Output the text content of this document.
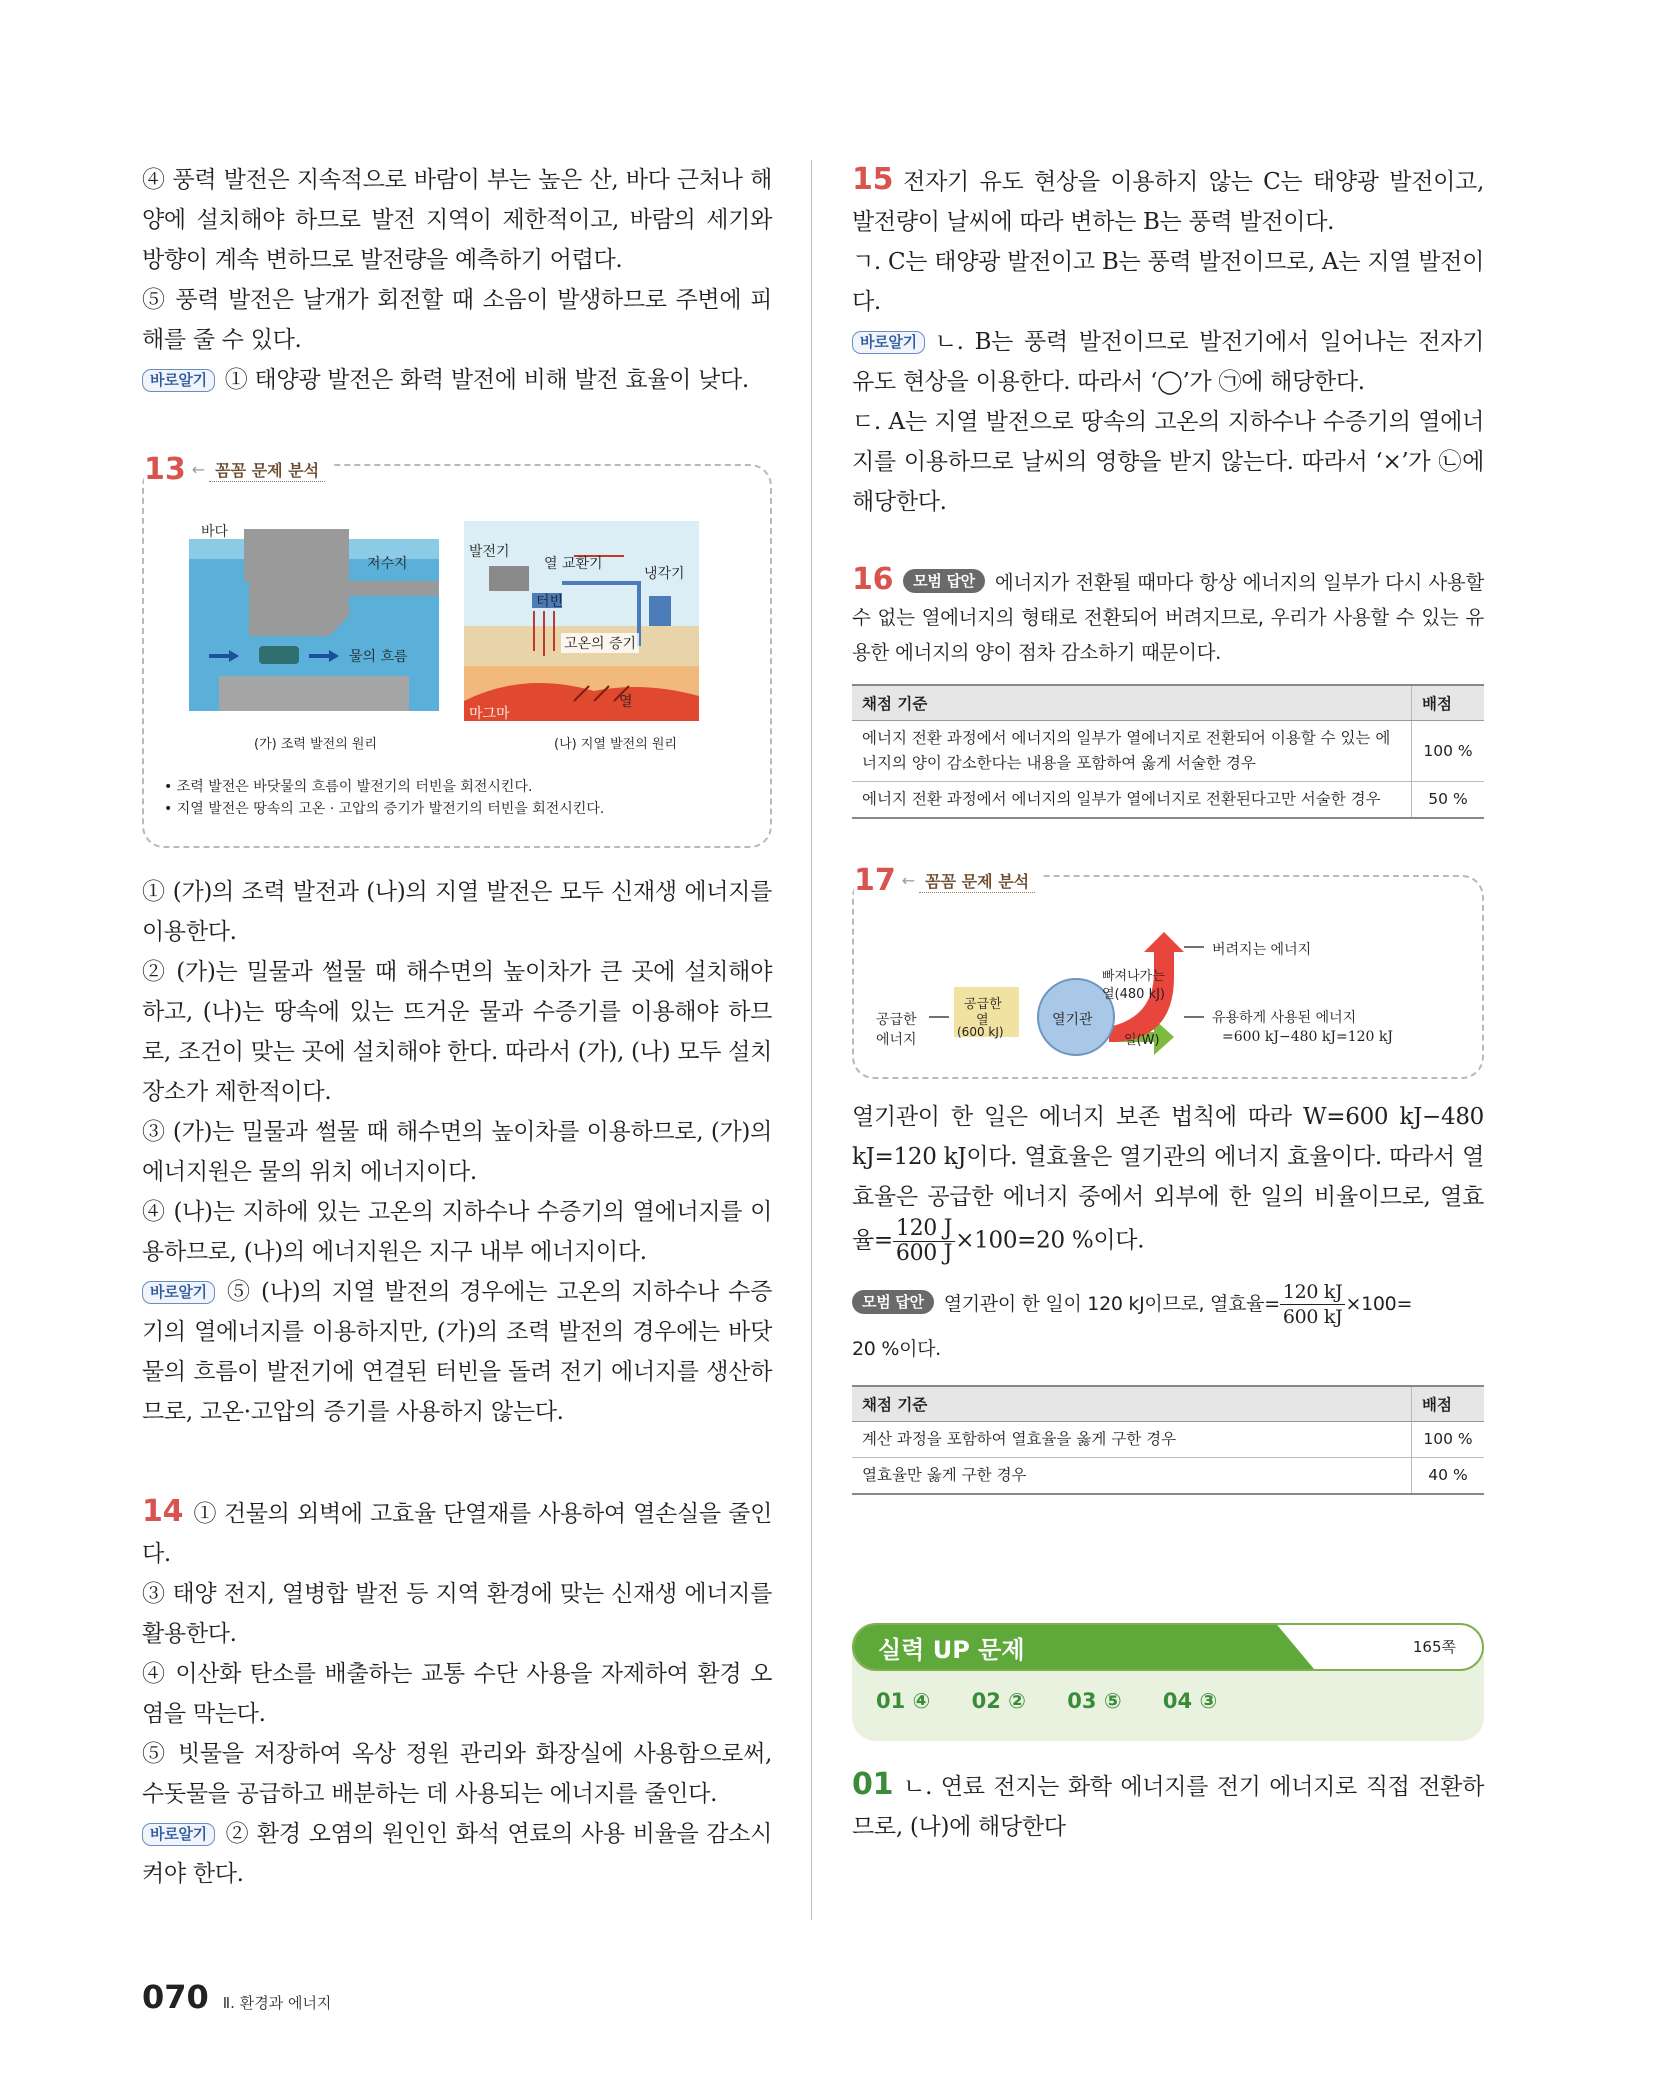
④ 풍력 발전은 지속적으로 바람이 부는 높은 산, 바다 근처나 해양에 설치해야 하므로 발전 지역이 제한적이고, 바람의 세기와 방향이 계속 변하므로 발전량을 예측하기 어렵다.

⑤ 풍력 발전은 날개가 회전할 때 소음이 발생하므로 주변에 피해를 줄 수 있다.

바로알기 ① 태양광 발전은 화력 발전에 비해 발전 효율이 낮다.

13 ← 꼼꼼 문제 분석
바다
저수지
물의 흐름
(가) 조력 발전의 원리
발전기
열 교환기
냉각기
터빈
고온의 증기
마그마
열
(나) 지열 발전의 원리
• 조력 발전은 바닷물의 흐름이 발전기의 터빈을 회전시킨다.
• 지열 발전은 땅속의 고온 · 고압의 증기가 발전기의 터빈을 회전시킨다.

① (가)의 조력 발전과 (나)의 지열 발전은 모두 신재생 에너지를 이용한다.

② (가)는 밀물과 썰물 때 해수면의 높이차가 큰 곳에 설치해야 하고, (나)는 땅속에 있는 뜨거운 물과 수증기를 이용해야 하므로, 조건이 맞는 곳에 설치해야 한다. 따라서 (가), (나) 모두 설치 장소가 제한적이다.

③ (가)는 밀물과 썰물 때 해수면의 높이차를 이용하므로, (가)의 에너지원은 물의 위치 에너지이다.

④ (나)는 지하에 있는 고온의 지하수나 수증기의 열에너지를 이용하므로, (나)의 에너지원은 지구 내부 에너지이다.

바로알기 ⑤ (나)의 지열 발전의 경우에는 고온의 지하수나 수증기의 열에너지를 이용하지만, (가)의 조력 발전의 경우에는 바닷물의 흐름이 발전기에 연결된 터빈을 돌려 전기 에너지를 생산하므로, 고온·고압의 증기를 사용하지 않는다.

14 ① 건물의 외벽에 고효율 단열재를 사용하여 열손실을 줄인다.

③ 태양 전지, 열병합 발전 등 지역 환경에 맞는 신재생 에너지를 활용한다.

④ 이산화 탄소를 배출하는 교통 수단 사용을 자제하여 환경 오염을 막는다.

⑤ 빗물을 저장하여 옥상 정원 관리와 화장실에 사용함으로써, 수돗물을 공급하고 배분하는 데 사용되는 에너지를 줄인다.

바로알기 ② 환경 오염의 원인인 화석 연료의 사용 비율을 감소시켜야 한다.

15 전자기 유도 현상을 이용하지 않는 C는 태양광 발전이고, 발전량이 날씨에 따라 변하는 B는 풍력 발전이다.

ㄱ. C는 태양광 발전이고 B는 풍력 발전이므로, A는 지열 발전이다.

바로알기 ㄴ. B는 풍력 발전이므로 발전기에서 일어나는 전자기 유도 현상을 이용한다. 따라서 ‘◯’가 ㉠에 해당한다.

ㄷ. A는 지열 발전으로 땅속의 고온의 지하수나 수증기의 열에너지를 이용하므로 날씨의 영향을 받지 않는다. 따라서 ‘×’가 ㉡에 해당한다.

16 모범 답안 에너지가 전환될 때마다 항상 에너지의 일부가 다시 사용할 수 없는 열에너지의 형태로 전환되어 버려지므로, 우리가 사용할 수 있는 유용한 에너지의 양이 점차 감소하기 때문이다.

채점 기준	배점
에너지 전환 과정에서 에너지의 일부가 열에너지로 전환되어 이용할 수 있는 에너지의 양이 감소한다는 내용을 포함하여 옳게 서술한 경우	100 %
에너지 전환 과정에서 에너지의 일부가 열에너지로 전환된다고만 서술한 경우	50 %
17 ← 꼼꼼 문제 분석
버려지는 에너지
빠져나가는
열(480 kJ)
공급한
에너지
공급한
열
(600 kJ)
열기관
일(W)
유용하게 사용된 에너지
=600 kJ−480 kJ=120 kJ

열기관이 한 일은 에너지 보존 법칙에 따라 W=600 kJ−480 kJ=120 kJ이다. 열효율은 열기관의 에너지 효율이다. 따라서 열효율은 공급한 에너지 중에서 외부에 한 일의 비율이므로, 열효율= $\frac{120 J}{600 J} \times 100=20$ %이다.

모범 답안 열기관이 한 일이 120 kJ이므로, 열효율= $\frac{120 kJ}{600 kJ} \times 100=$

20 %이다.

채점 기준	배점
계산 과정을 포함하여 열효율을 옳게 구한 경우	100 %
열효율만 옳게 구한 경우	40 %
실력 UP 문제	165쪽
01 ④ 02 ② 03 ⑤ 04 ③

01 ㄴ. 연료 전지는 화학 에너지를 전기 에너지로 직접 전환하므로, (나)에 해당한다

070 Ⅱ. 환경과 에너지
